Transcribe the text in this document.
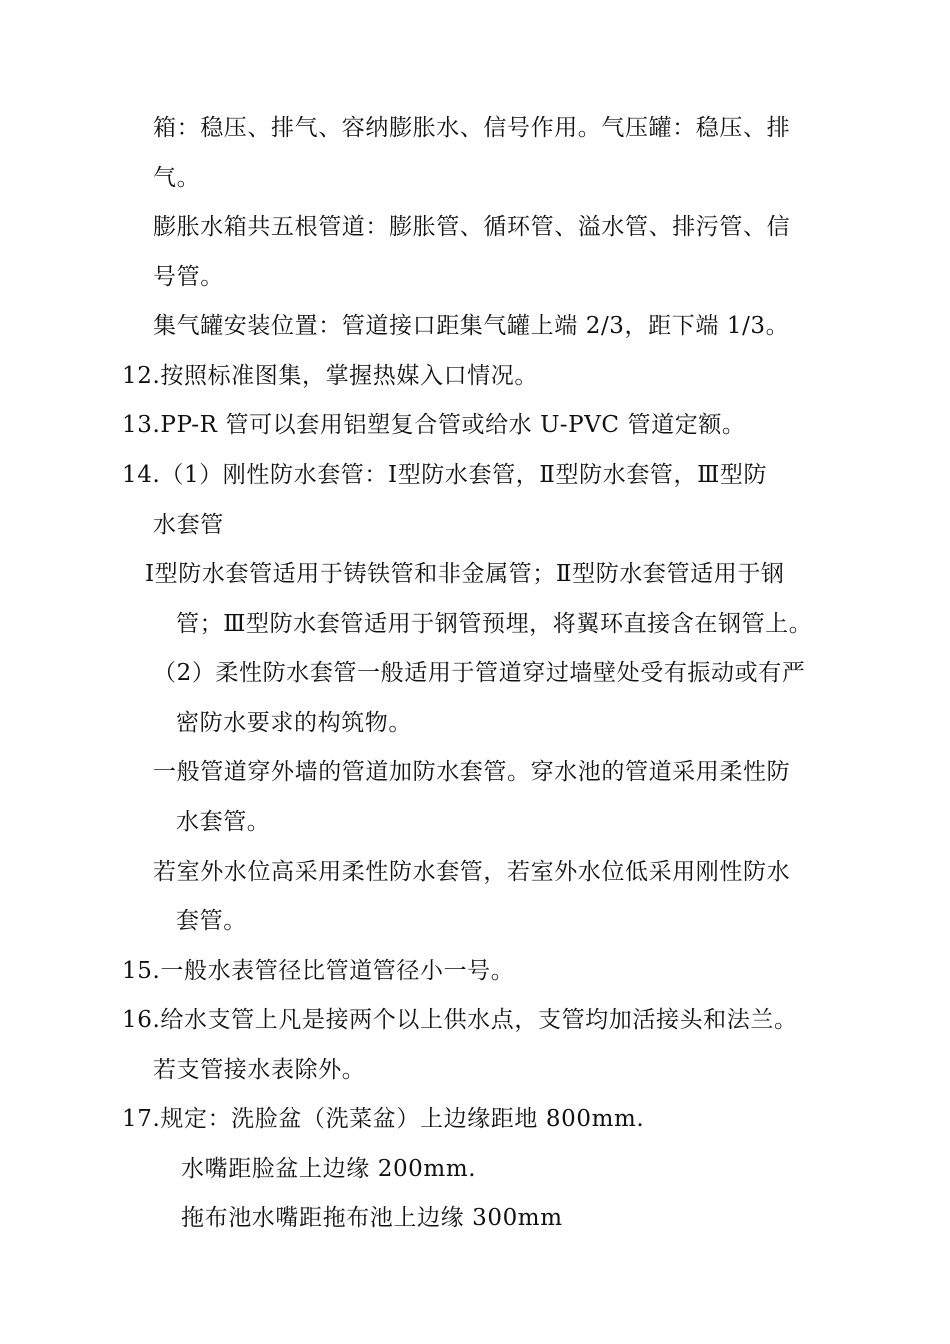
箱：稳压、排气、容纳膨胀水、信号作用。气压罐：稳压、排
气。
膨胀水箱共五根管道：膨胀管、循环管、溢水管、排污管、信
号管。
集气罐安装位置：管道接口距集气罐上端 2/3，距下端 1/3。
12.按照标准图集，掌握热媒入口情况。
13.PP-R 管可以套用铝塑复合管或给水 U-PVC 管道定额。
14.（1）刚性防水套管：Ⅰ型防水套管，Ⅱ型防水套管，Ⅲ型防
水套管
Ⅰ型防水套管适用于铸铁管和非金属管；Ⅱ型防水套管适用于钢
管；Ⅲ型防水套管适用于钢管预埋，将翼环直接含在钢管上。
（2）柔性防水套管一般适用于管道穿过墙壁处受有振动或有严
密防水要求的构筑物。
一般管道穿外墙的管道加防水套管。穿水池的管道采用柔性防
水套管。
若室外水位高采用柔性防水套管，若室外水位低采用刚性防水
套管。
15.一般水表管径比管道管径小一号。
16.给水支管上凡是接两个以上供水点，支管均加活接头和法兰。
若支管接水表除外。
17.规定：洗脸盆（洗菜盆）上边缘距地 800mm.
水嘴距脸盆上边缘 200mm.
拖布池水嘴距拖布池上边缘 300mm
